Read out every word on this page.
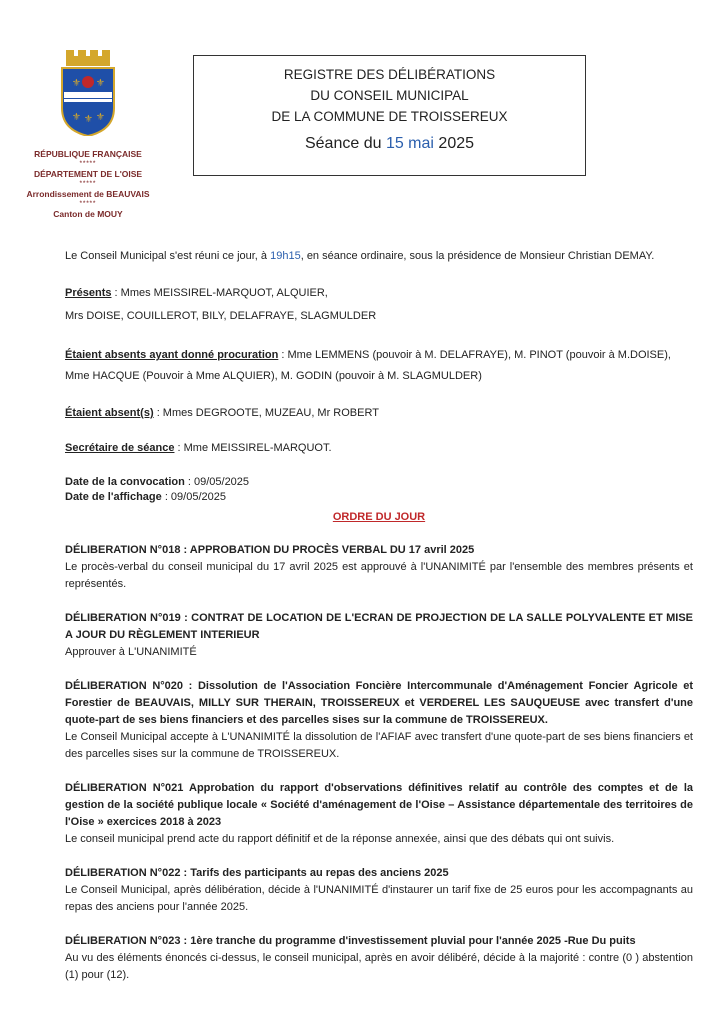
⚜ ⚜
⚜ ⚜ ⚜
RÉPUBLIQUE FRANÇAISE
*****
DÉPARTEMENT DE L'OISE
*****
Arrondissement de BEAUVAIS
*****
Canton de MOUY
REGISTRE DES DÉLIBÉRATIONS
DU CONSEIL MUNICIPAL
DE LA COMMUNE DE TROISSEREUX
Séance du 15 mai 2025

Le Conseil Municipal s'est réuni ce jour, à 19h15, en séance ordinaire, sous la présidence de Monsieur Christian DEMAY.

Présents : Mmes MEISSIREL-MARQUOT, ALQUIER,

Mrs DOISE, COUILLEROT, BILY, DELAFRAYE, SLAGMULDER

Étaient absents ayant donné procuration : Mme LEMMENS (pouvoir à M. DELAFRAYE), M. PINOT (pouvoir à M.DOISE), Mme HACQUE (Pouvoir à Mme ALQUIER), M. GODIN (pouvoir à M. SLAGMULDER)

Étaient absent(s) : Mmes DEGROOTE, MUZEAU, Mr ROBERT

Secrétaire de séance : Mme MEISSIREL-MARQUOT.

Date de la convocation : 09/05/2025

Date de l'affichage : 09/05/2025

ORDRE DU JOUR

DÉLIBERATION N°018 : APPROBATION DU PROCÈS VERBAL DU 17 avril 2025

Le procès-verbal du conseil municipal du 17 avril 2025 est approuvé à l'UNANIMITÉ par l'ensemble des membres présents et représentés.

DÉLIBERATION N°019 : CONTRAT DE LOCATION DE L'ECRAN DE PROJECTION DE LA SALLE POLYVALENTE ET MISE A JOUR DU RÈGLEMENT INTERIEUR

Approuver à L'UNANIMITÉ

DÉLIBERATION N°020 : Dissolution de l'Association Foncière Intercommunale d'Aménagement Foncier Agricole et Forestier de BEAUVAIS, MILLY SUR THERAIN, TROISSEREUX et VERDEREL LES SAUQUEUSE avec transfert d'une quote-part de ses biens financiers et des parcelles sises sur la commune de TROISSEREUX.

Le Conseil Municipal accepte à L'UNANIMITÉ la dissolution de l'AFIAF avec transfert d'une quote-part de ses biens financiers et des parcelles sises sur la commune de TROISSEREUX.

DÉLIBERATION N°021 Approbation du rapport d'observations définitives relatif au contrôle des comptes et de la gestion de la société publique locale « Société d'aménagement de l'Oise – Assistance départementale des territoires de l'Oise » exercices 2018 à 2023

Le conseil municipal prend acte du rapport définitif et de la réponse annexée, ainsi que des débats qui ont suivis.

DÉLIBERATION N°022 : Tarifs des participants au repas des anciens 2025

Le Conseil Municipal, après délibération, décide à l'UNANIMITÉ d'instaurer un tarif fixe de 25 euros pour les accompagnants au repas des anciens pour l'année 2025.

DÉLIBERATION N°023 : 1ère tranche du programme d'investissement pluvial pour l'année 2025 -Rue Du puits

Au vu des éléments énoncés ci-dessus, le conseil municipal, après en avoir délibéré, décide à la majorité : contre (0 ) abstention (1) pour (12).
